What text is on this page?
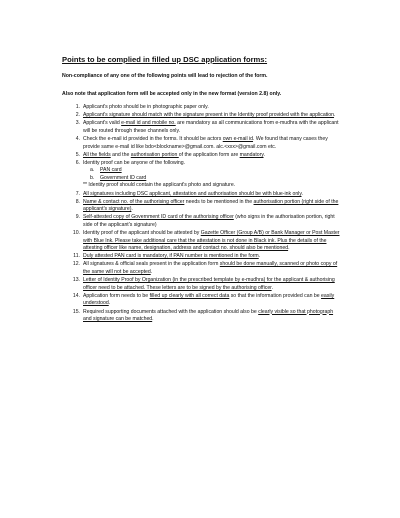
Points to be complied in filled up DSC application forms:
Non-compliance of any one of the following points will lead to rejection of the form.
Also note that application form will be accepted only in the new format (version 2.8) only.
1. Applicant's photo should be in photographic paper only.
2. Applicant's signature should match with the signature present in the Identity proof provided with the application.
3. Applicant's valid e-mail id and mobile no. are mandatory as all communications from e-mudhra with the applicant will be routed through these channels only.
4. Check the e-mail id provided in the forms. It should be actors own e-mail id. We found that many cases they provide same e-mail id like bdo<blockname>@gmail.com. alc.<xxx>@gmail.com etc.
5. All the fields and the authorisation portion of the application form are mandatory.
6. Identity proof can be anyone of the following.
a. PAN card
b. Government ID card
** Identity proof should contain the applicant's photo and signature.
7. All signatures including DSC applicant, attestation and authorisation should be with blue-ink only.
8. Name & contact no. of the authorising officer needs to be mentioned in the authorisation portion (right side of the applicant's signature).
9. Self-attested copy of Government ID card of the authorising officer (who signs in the authorisation portion, right side of the applicant's signature)
10. Identity proof of the applicant should be attested by Gazette Officer (Group A/B) or Bank Manager or Post Master with Blue Ink. Please take additional care that the attestation is not done in Black ink. Plus the details of the attesting officer like name, designation, address and contact no. should also be mentioned.
11. Duly attested PAN card is mandatory, if PAN number is mentioned in the form.
12. All signatures & official seals present in the application form should be done manually, scanned or photo copy of the same will not be accepted.
13. Letter of Identity Proof by Organization (in the prescribed template by e-mudhra) for the applicant & authorising officer need to be attached. These letters are to be signed by the authorising officer.
14. Application form needs to be filled up clearly with all correct data so that the information provided can be easily understood.
15. Required supporting documents attached with the application should also be clearly visible so that photograph and signature can be matched.
